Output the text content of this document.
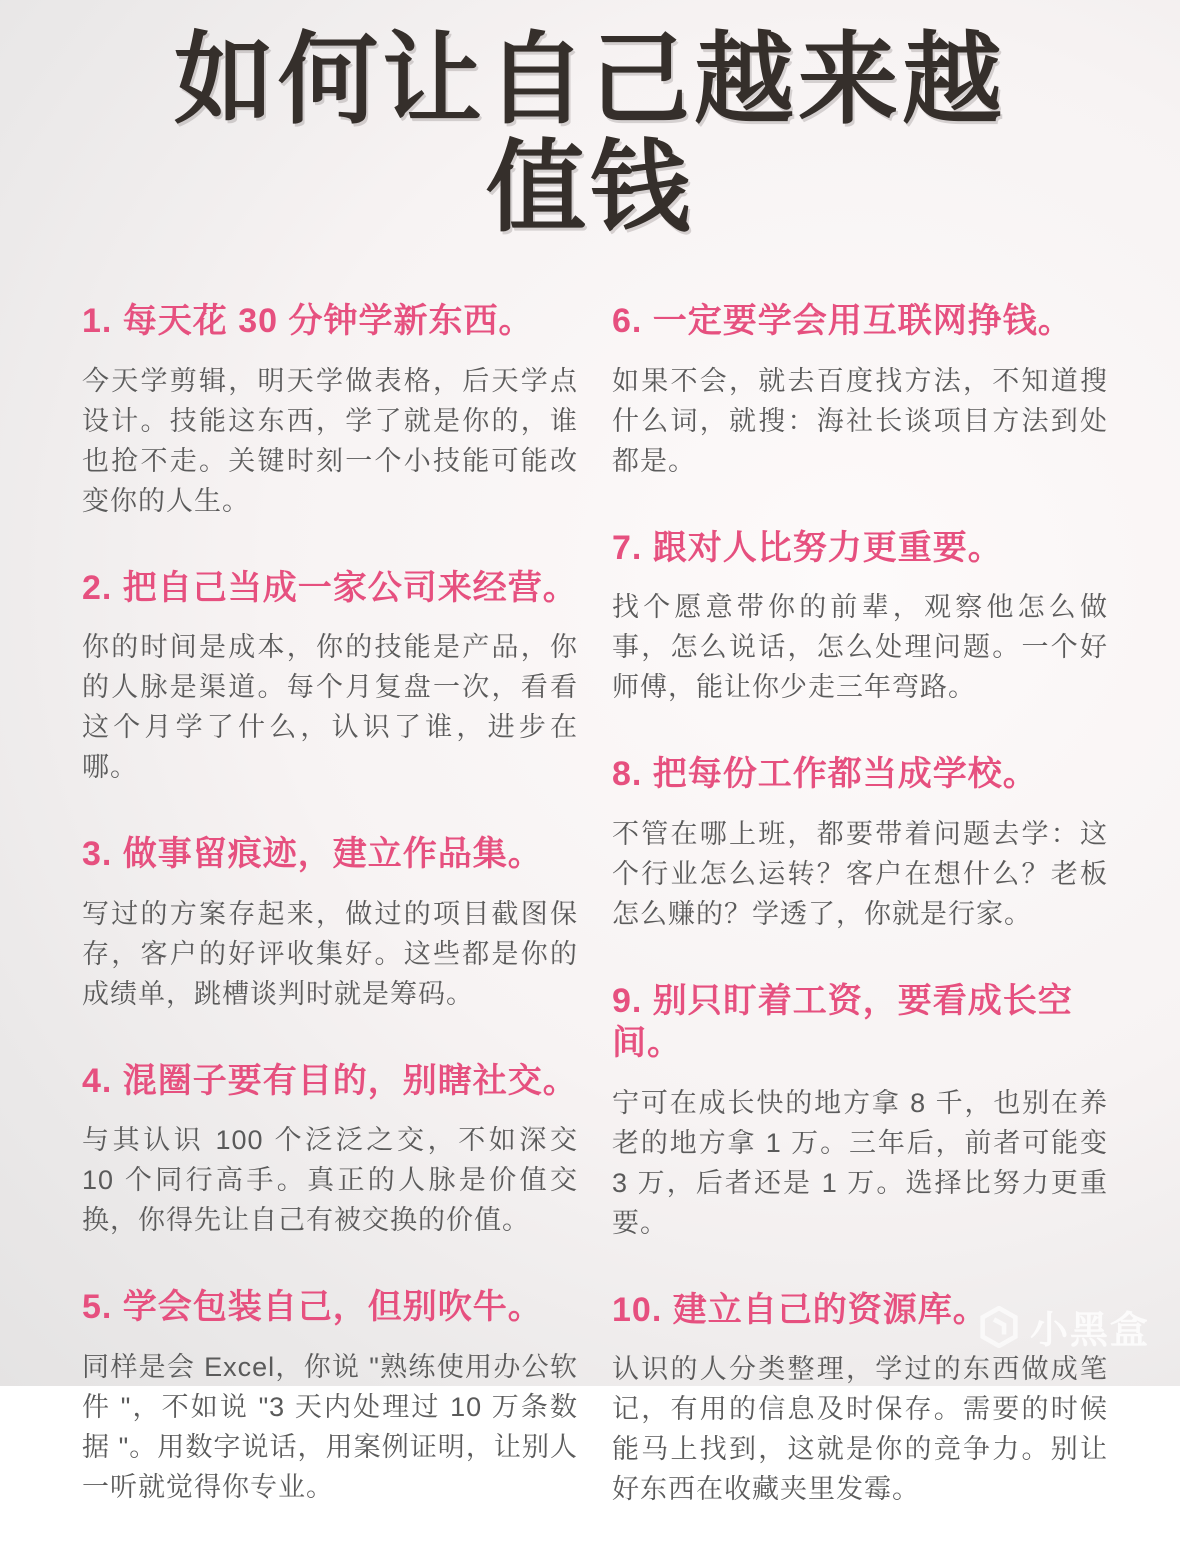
如何让自己越来越
值钱
1. 每天花 30 分钟学新东西。

今天学剪辑，明天学做表格，后天学点设计。技能这东西，学了就是你的，谁也抢不走。关键时刻一个小技能可能改变你的人生。

2. 把自己当成一家公司来经营。

你的时间是成本，你的技能是产品，你的人脉是渠道。每个月复盘一次，看看这个月学了什么，认识了谁，进步在哪。

3. 做事留痕迹，建立作品集。

写过的方案存起来，做过的项目截图保存，客户的好评收集好。这些都是你的成绩单，跳槽谈判时就是筹码。

4. 混圈子要有目的，别瞎社交。

与其认识 100 个泛泛之交，不如深交 10 个同行高手。真正的人脉是价值交换，你得先让自己有被交换的价值。

5. 学会包装自己，但别吹牛。

同样是会 Excel，你说 "熟练使用办公软件 "，不如说 "3 天内处理过 10 万条数据 "。用数字说话，用案例证明，让别人一听就觉得你专业。

6. 一定要学会用互联网挣钱。

如果不会，就去百度找方法，不知道搜什么词，就搜：海社长谈项目方法到处都是。

7. 跟对人比努力更重要。

找个愿意带你的前辈，观察他怎么做事，怎么说话，怎么处理问题。一个好师傅，能让你少走三年弯路。

8. 把每份工作都当成学校。

不管在哪上班，都要带着问题去学：这个行业怎么运转？客户在想什么？老板怎么赚的？学透了，你就是行家。

9. 别只盯着工资，要看成长空间。

宁可在成长快的地方拿 8 千，也别在养老的地方拿 1 万。三年后，前者可能变 3 万，后者还是 1 万。选择比努力更重要。

10. 建立自己的资源库。

认识的人分类整理，学过的东西做成笔记，有用的信息及时保存。需要的时候能马上找到，这就是你的竞争力。别让好东西在收藏夹里发霉。

小黑盒
